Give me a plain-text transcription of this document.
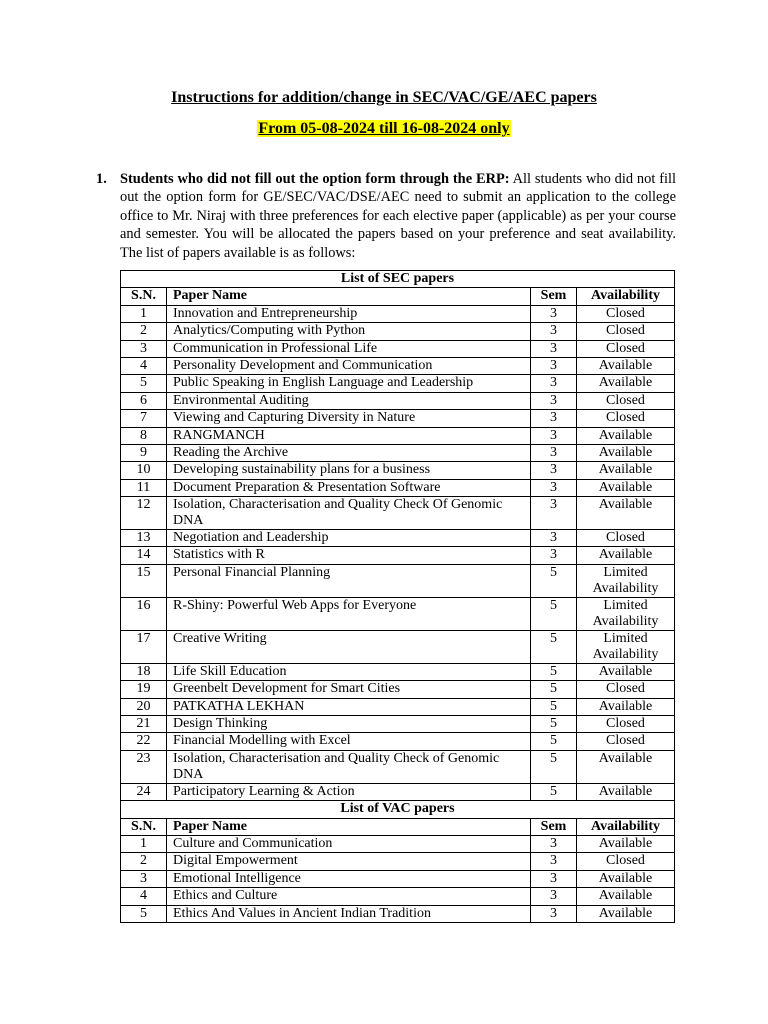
Instructions for addition/change in SEC/VAC/GE/AEC papers
From 05-08-2024 till 16-08-2024 only
1. Students who did not fill out the option form through the ERP: All students who did not fill out the option form for GE/SEC/VAC/DSE/AEC need to submit an application to the college office to Mr. Niraj with three preferences for each elective paper (applicable) as per your course and semester. You will be allocated the papers based on your preference and seat availability. The list of papers available is as follows:
List of SEC papers			
S.N.	Paper Name	Sem	Availability
1	Innovation and Entrepreneurship	3	Closed
2	Analytics/Computing with Python	3	Closed
3	Communication in Professional Life	3	Closed
4	Personality Development and Communication	3	Available
5	Public Speaking in English Language and Leadership	3	Available
6	Environmental Auditing	3	Closed
7	Viewing and Capturing Diversity in Nature	3	Closed
8	RANGMANCH	3	Available
9	Reading the Archive	3	Available
10	Developing sustainability plans for a business	3	Available
11	Document Preparation & Presentation Software	3	Available
12	Isolation, Characterisation and Quality Check Of Genomic DNA	3	Available
13	Negotiation and Leadership	3	Closed
14	Statistics with R	3	Available
15	Personal Financial Planning	5	Limited Availability
16	R-Shiny: Powerful Web Apps for Everyone	5	Limited Availability
17	Creative Writing	5	Limited Availability
18	Life Skill Education	5	Available
19	Greenbelt Development for Smart Cities	5	Closed
20	PATKATHA LEKHAN	5	Available
21	Design Thinking	5	Closed
22	Financial Modelling with Excel	5	Closed
23	Isolation, Characterisation and Quality Check of Genomic DNA	5	Available
24	Participatory Learning & Action	5	Available
List of VAC papers			
S.N.	Paper Name	Sem	Availability
1	Culture and Communication	3	Available
2	Digital Empowerment	3	Closed
3	Emotional Intelligence	3	Available
4	Ethics and Culture	3	Available
5	Ethics And Values in Ancient Indian Tradition	3	Available
